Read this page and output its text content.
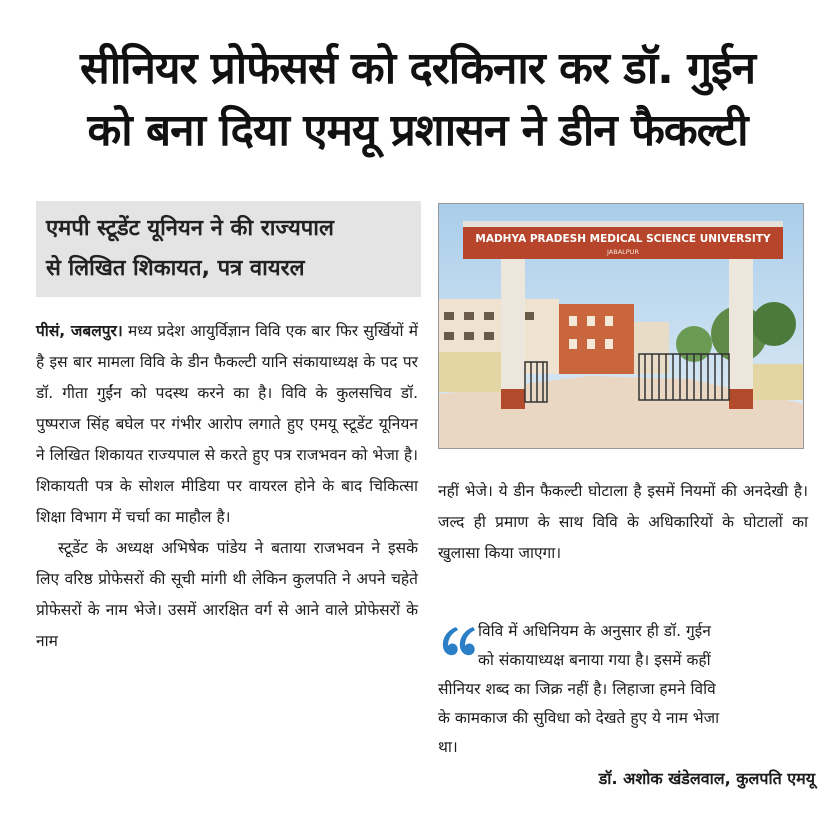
सीनियर प्रोफेसर्स को दरकिनार कर डॉ. गुईन
को बना दिया एमयू प्रशासन ने डीन फैकल्टी
एमपी स्टूडेंट यूनियन ने की राज्यपाल
से लिखित शिकायत, पत्र वायरल
MADHYA PRADESH MEDICAL SCIENCE UNIVERSITY
JABALPUR

पीसं, जबलपुर। मध्य प्रदेश आयुर्विज्ञान विवि एक बार फिर सुर्खियों में है इस बार मामला विवि के डीन फैकल्टी यानि संकायाध्यक्ष के पद पर डॉ. गीता गुईंन को पदस्थ करने का है। विवि के कुलसचिव डॉ. पुष्पराज सिंह बघेल पर गंभीर आरोप लगाते हुए एमयू स्टूडेंट यूनियन ने लिखित शिकायत राज्यपाल से करते हुए पत्र राजभवन को भेजा है। शिकायती पत्र के सोशल मीडिया पर वायरल होने के बाद चिकित्सा शिक्षा विभाग में चर्चा का माहौल है।

स्टूडेंट के अध्यक्ष अभिषेक पांडेय ने बताया राजभवन ने इसके लिए वरिष्ठ प्रोफेसरों की सूची मांगी थी लेकिन कुलपति ने अपने चहेते प्रोफेसरों के नाम भेजे। उसमें आरक्षित वर्ग से आने वाले प्रोफेसरों के नाम

नहीं भेजे। ये डीन फैकल्टी घोटाला है इसमें नियमों की अनदेखी है। जल्द ही प्रमाण के साथ विवि के अधिकारियों के घोटालों का खुलासा किया जाएगा।

विवि में अधिनियम के अनुसार ही डॉ. गुईन
को संकायाध्यक्ष बनाया गया है। इसमें कहीं
सीनियर शब्द का जिक्र नहीं है। लिहाजा हमने विवि
के कामकाज की सुविधा को देखते हुए ये नाम भेजा
था।
डॉ. अशोक खंडेलवाल, कुलपति एमयू
